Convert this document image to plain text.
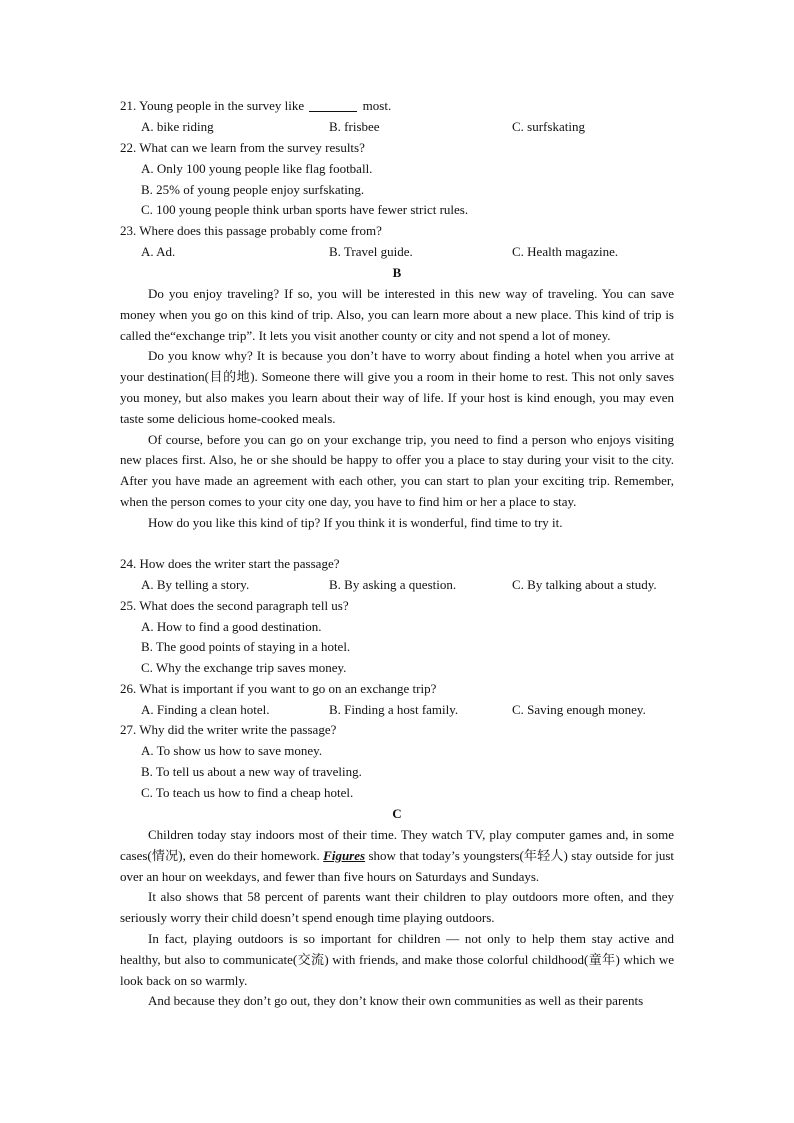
21. Young people in the survey like	most.
A. bike riding	B. frisbee	C. surfskating
22. What can we learn from the survey results?
A. Only 100 young people like flag football.
B. 25% of young people enjoy surfskating.
C. 100 young people think urban sports have fewer strict rules.
23. Where does this passage probably come from?
A. Ad.	B. Travel guide.	C. Health magazine.
B

Do you enjoy traveling? If so, you will be interested in this new way of traveling. You can save money when you go on this kind of trip. Also, you can learn more about a new place. This kind of trip is called the“exchange trip”. It lets you visit another county or city and not spend a lot of money.

Do you know why? It is because you don’t have to worry about finding a hotel when you arrive at your destination(目的地). Someone there will give you a room in their home to rest. This not only saves you money, but also makes you learn about their way of life. If your host is kind enough, you may even taste some delicious home-cooked meals.

Of course, before you can go on your exchange trip, you need to find a person who enjoys visiting new places first. Also, he or she should be happy to offer you a place to stay during your visit to the city. After you have made an agreement with each other, you can start to plan your exciting trip. Remember, when the person comes to your city one day, you have to find him or her a place to stay.

How do you like this kind of tip? If you think it is wonderful, find time to try it.

24. How does the writer start the passage?
A. By telling a story.	B. By asking a question.	C. By talking about a study.
25. What does the second paragraph tell us?
A. How to find a good destination.
B. The good points of staying in a hotel.
C. Why the exchange trip saves money.
26. What is important if you want to go on an exchange trip?
A. Finding a clean hotel.	B. Finding a host family.	C. Saving enough money.
27. Why did the writer write the passage?
A. To show us how to save money.
B. To tell us about a new way of traveling.
C. To teach us how to find a cheap hotel.
C

Children today stay indoors most of their time. They watch TV, play computer games and, in some cases(情况), even do their homework. Figures show that today’s youngsters(年轻人) stay outside for just over an hour on weekdays, and fewer than five hours on Saturdays and Sundays.

It also shows that 58 percent of parents want their children to play outdoors more often, and they seriously worry their child doesn’t spend enough time playing outdoors.

In fact, playing outdoors is so important for children — not only to help them stay active and healthy, but also to communicate(交流) with friends, and make those colorful childhood(童年) which we look back on so warmly.

And because they don’t go out, they don’t know their own communities as well as their parents
